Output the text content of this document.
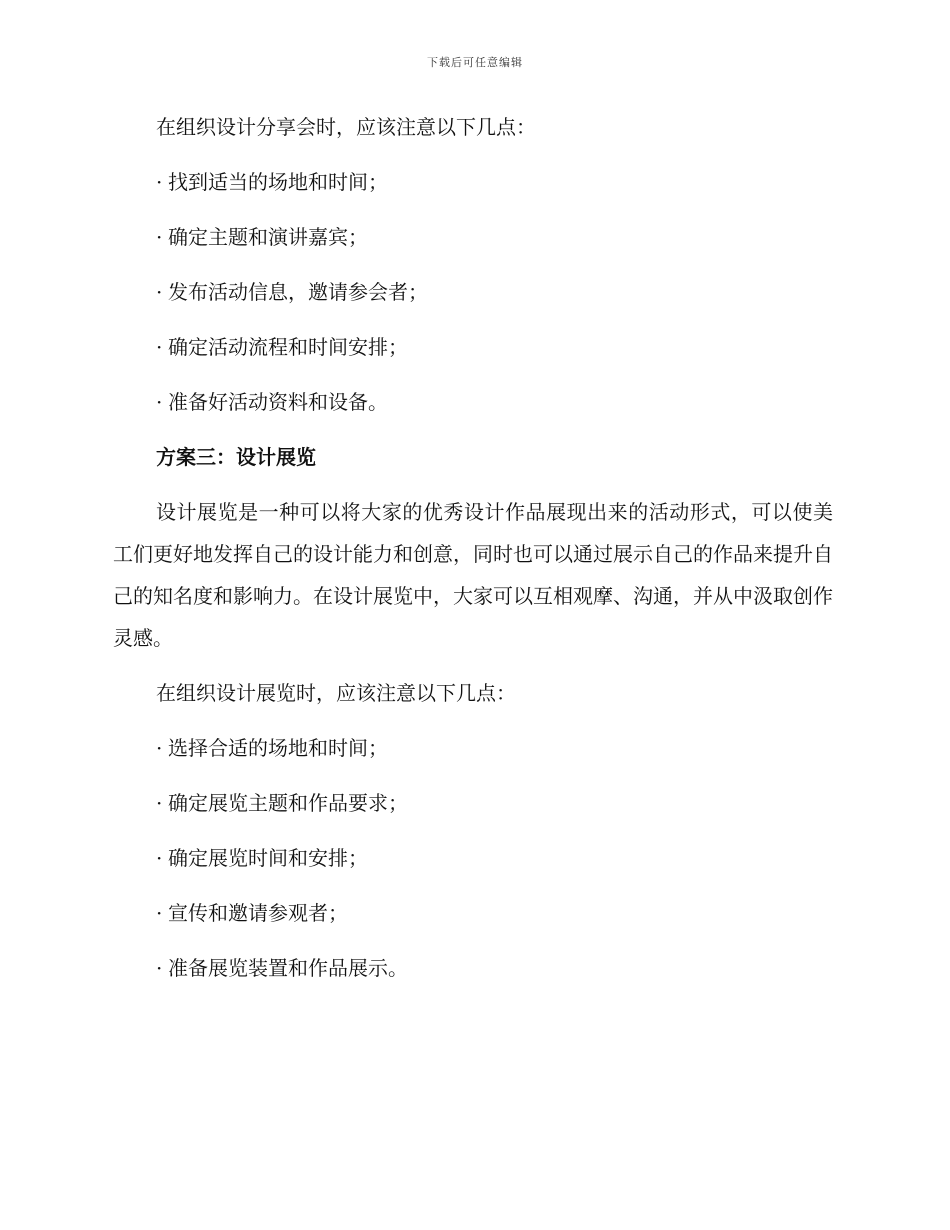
下载后可任意编辑

在组织设计分享会时，应该注意以下几点：

· 找到适当的场地和时间；
· 确定主题和演讲嘉宾；
· 发布活动信息，邀请参会者；
· 确定活动流程和时间安排；
· 准备好活动资料和设备。
方案三：设计展览

设计展览是一种可以将大家的优秀设计作品展现出来的活动形式，可以使美工们更好地发挥自己的设计能力和创意，同时也可以通过展示自己的作品来提升自己的知名度和影响力。在设计展览中，大家可以互相观摩、沟通，并从中汲取创作灵感。

在组织设计展览时，应该注意以下几点：

· 选择合适的场地和时间；
· 确定展览主题和作品要求；
· 确定展览时间和安排；
· 宣传和邀请参观者；
· 准备展览装置和作品展示。
